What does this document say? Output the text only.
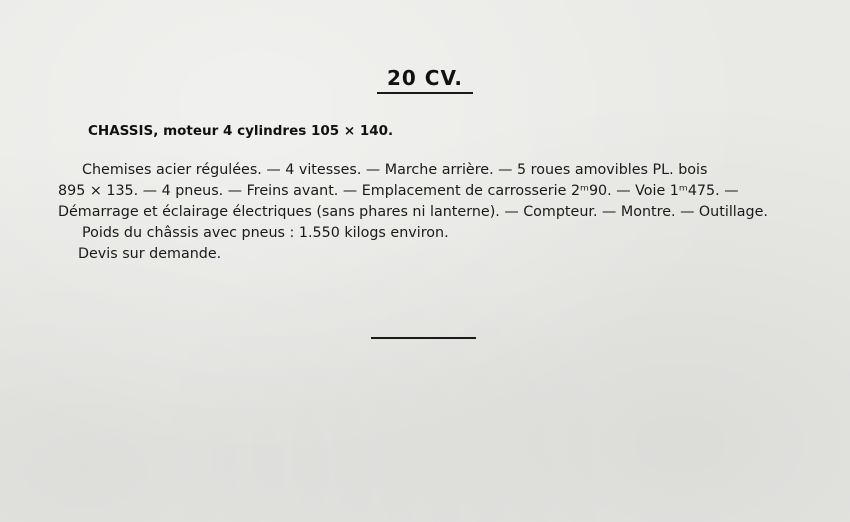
20 CV.
CHASSIS, moteur 4 cylindres 105 × 140.
Chemises acier régulées. — 4 vitesses. — Marche arrière. — 5 roues amovibles PL. bois
895 × 135. — 4 pneus. — Freins avant. — Emplacement de carrosserie 2ᵐ90. — Voie 1ᵐ475. —
Démarrage et éclairage électriques (sans phares ni lanterne). — Compteur. — Montre. — Outillage.
Poids du châssis avec pneus : 1.550 kilogs environ.
Devis sur demande.
